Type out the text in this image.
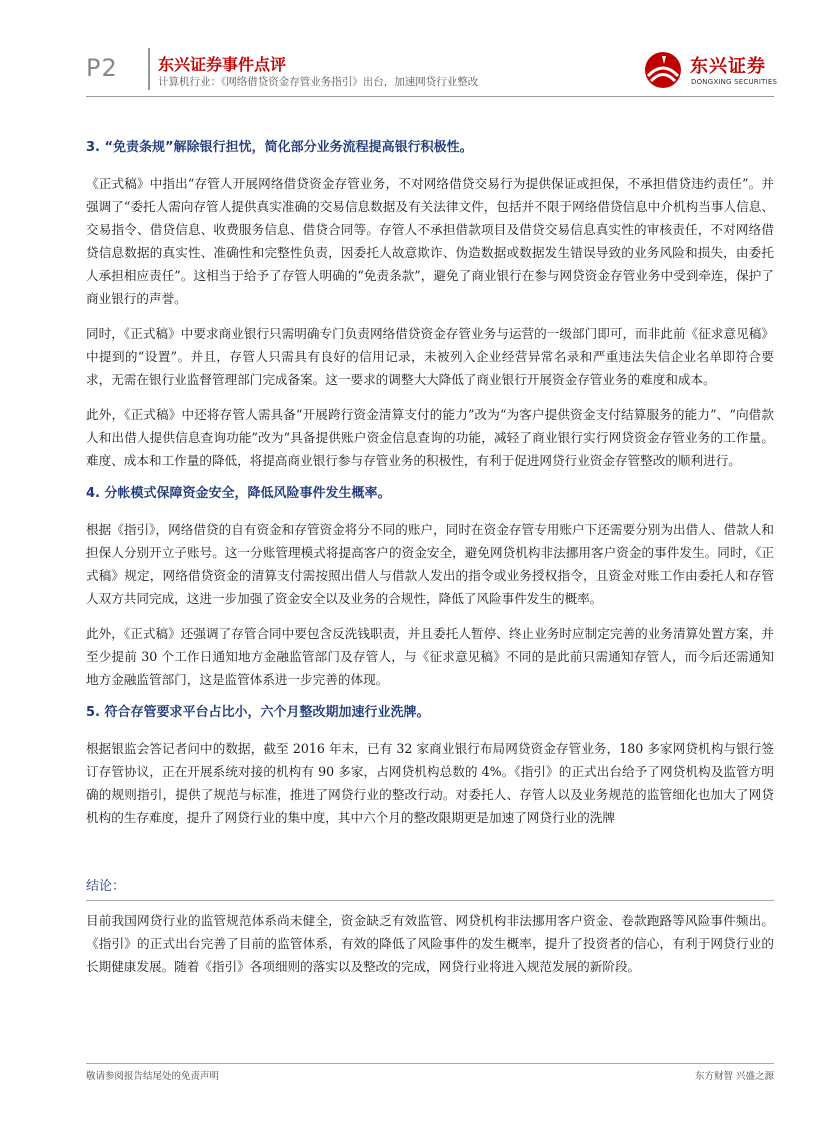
P2	东兴证券事件点评
计算机行业：《网络借贷资金存管业务指引》出台，加速网贷行业整改
东兴证券
DONGXING SECURITIES
3. “免责条规”解除银行担忧，简化部分业务流程提高银行积极性。

《正式稿》中指出“存管人开展网络借贷资金存管业务，不对网络借贷交易行为提供保证或担保，不承担借贷违约责任”。并强调了“委托人需向存管人提供真实准确的交易信息数据及有关法律文件，包括并不限于网络借贷信息中介机构当事人信息、交易指令、借贷信息、收费服务信息、借贷合同等。存管人不承担借款项目及借贷交易信息真实性的审核责任，不对网络借贷信息数据的真实性、准确性和完整性负责，因委托人故意欺诈、伪造数据或数据发生错误导致的业务风险和损失，由委托人承担相应责任”。这相当于给予了存管人明确的“免责条款”，避免了商业银行在参与网贷资金存管业务中受到牵连，保护了商业银行的声誉。

同时，《正式稿》中要求商业银行只需明确专门负责网络借贷资金存管业务与运营的一级部门即可，而非此前《征求意见稿》中提到的“设置”。并且，存管人只需具有良好的信用记录，未被列入企业经营异常名录和严重违法失信企业名单即符合要求，无需在银行业监督管理部门完成备案。这一要求的调整大大降低了商业银行开展资金存管业务的难度和成本。

此外，《正式稿》中还将存管人需具备“开展跨行资金清算支付的能力”改为“为客户提供资金支付结算服务的能力”、“向借款人和出借人提供信息查询功能”改为“具备提供账户资金信息查询的功能，减轻了商业银行实行网贷资金存管业务的工作量。难度、成本和工作量的降低，将提高商业银行参与存管业务的积极性，有利于促进网贷行业资金存管整改的顺利进行。

4. 分帐模式保障资金安全，降低风险事件发生概率。

根据《指引》，网络借贷的自有资金和存管资金将分不同的账户，同时在资金存管专用账户下还需要分别为出借人、借款人和担保人分别开立子账号。这一分账管理模式将提高客户的资金安全，避免网贷机构非法挪用客户资金的事件发生。同时，《正式稿》规定，网络借贷资金的清算支付需按照出借人与借款人发出的指令或业务授权指令，且资金对账工作由委托人和存管人双方共同完成，这进一步加强了资金安全以及业务的合规性，降低了风险事件发生的概率。

此外，《正式稿》还强调了存管合同中要包含反洗钱职责，并且委托人暂停、终止业务时应制定完善的业务清算处置方案，并至少提前 30 个工作日通知地方金融监管部门及存管人，与《征求意见稿》不同的是此前只需通知存管人，而今后还需通知地方金融监管部门，这是监管体系进一步完善的体现。

5. 符合存管要求平台占比小，六个月整改期加速行业洗牌。

根据银监会答记者问中的数据，截至 2016 年末，已有 32 家商业银行布局网贷资金存管业务，180 多家网贷机构与银行签订存管协议，正在开展系统对接的机构有 90 多家，占网贷机构总数的 4%。《指引》的正式出台给予了网贷机构及监管方明确的规则指引，提供了规范与标准，推进了网贷行业的整改行动。对委托人、存管人以及业务规范的监管细化也加大了网贷机构的生存难度，提升了网贷行业的集中度，其中六个月的整改限期更是加速了网贷行业的洗牌

结论：

目前我国网贷行业的监管规范体系尚未健全，资金缺乏有效监管、网贷机构非法挪用客户资金、卷款跑路等风险事件频出。《指引》的正式出台完善了目前的监管体系，有效的降低了风险事件的发生概率，提升了投资者的信心，有利于网贷行业的长期健康发展。随着《指引》各项细则的落实以及整改的完成，网贷行业将进入规范发展的新阶段。

敬请参阅报告结尾处的免责声明	东方财智 兴盛之源
